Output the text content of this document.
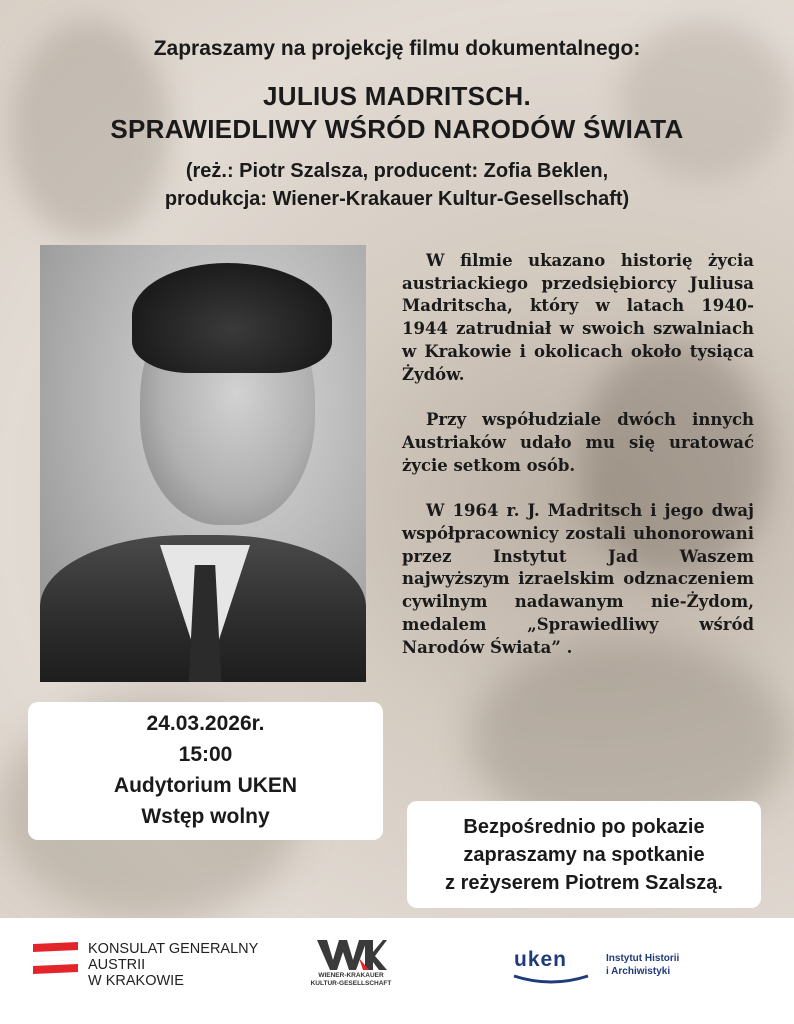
Zapraszamy na projekcję filmu dokumentalnego:
JULIUS MADRITSCH.
SPRAWIEDLIWY WŚRÓD NARODÓW ŚWIATA
(reż.: Piotr Szalsza, producent: Zofia Beklen,
produkcja: Wiener-Krakauer Kultur-Gesellschaft)

W filmie ukazano historię życia austriackiego przedsiębiorcy Juliusa Madritscha, który w latach 1940-1944 zatrudniał w swoich szwalniach w Krakowie i okolicach około tysiąca Żydów.

Przy współudziale dwóch innych Austriaków udało mu się uratować życie setkom osób.

W 1964 r. J. Madritsch i jego dwaj współpracownicy zostali uhonorowani przez Instytut Jad Waszem najwyższym izraelskim odznaczeniem cywilnym nadawanym nie-Żydom, medalem „Sprawiedliwy wśród Narodów Świata” .

24.03.2026r.
15:00
Audytorium UKEN
Wstęp wolny	Bezpośrednio po pokazie
zapraszamy na spotkanie
z reżyserem Piotrem Szalszą.
KONSULAT GENERALNY
AUSTRII
W KRAKOWIE	WIENER-KRAKAUER
KULTUR-GESELLSCHAFT
uken	Instytut Historii
i Archiwistyki
